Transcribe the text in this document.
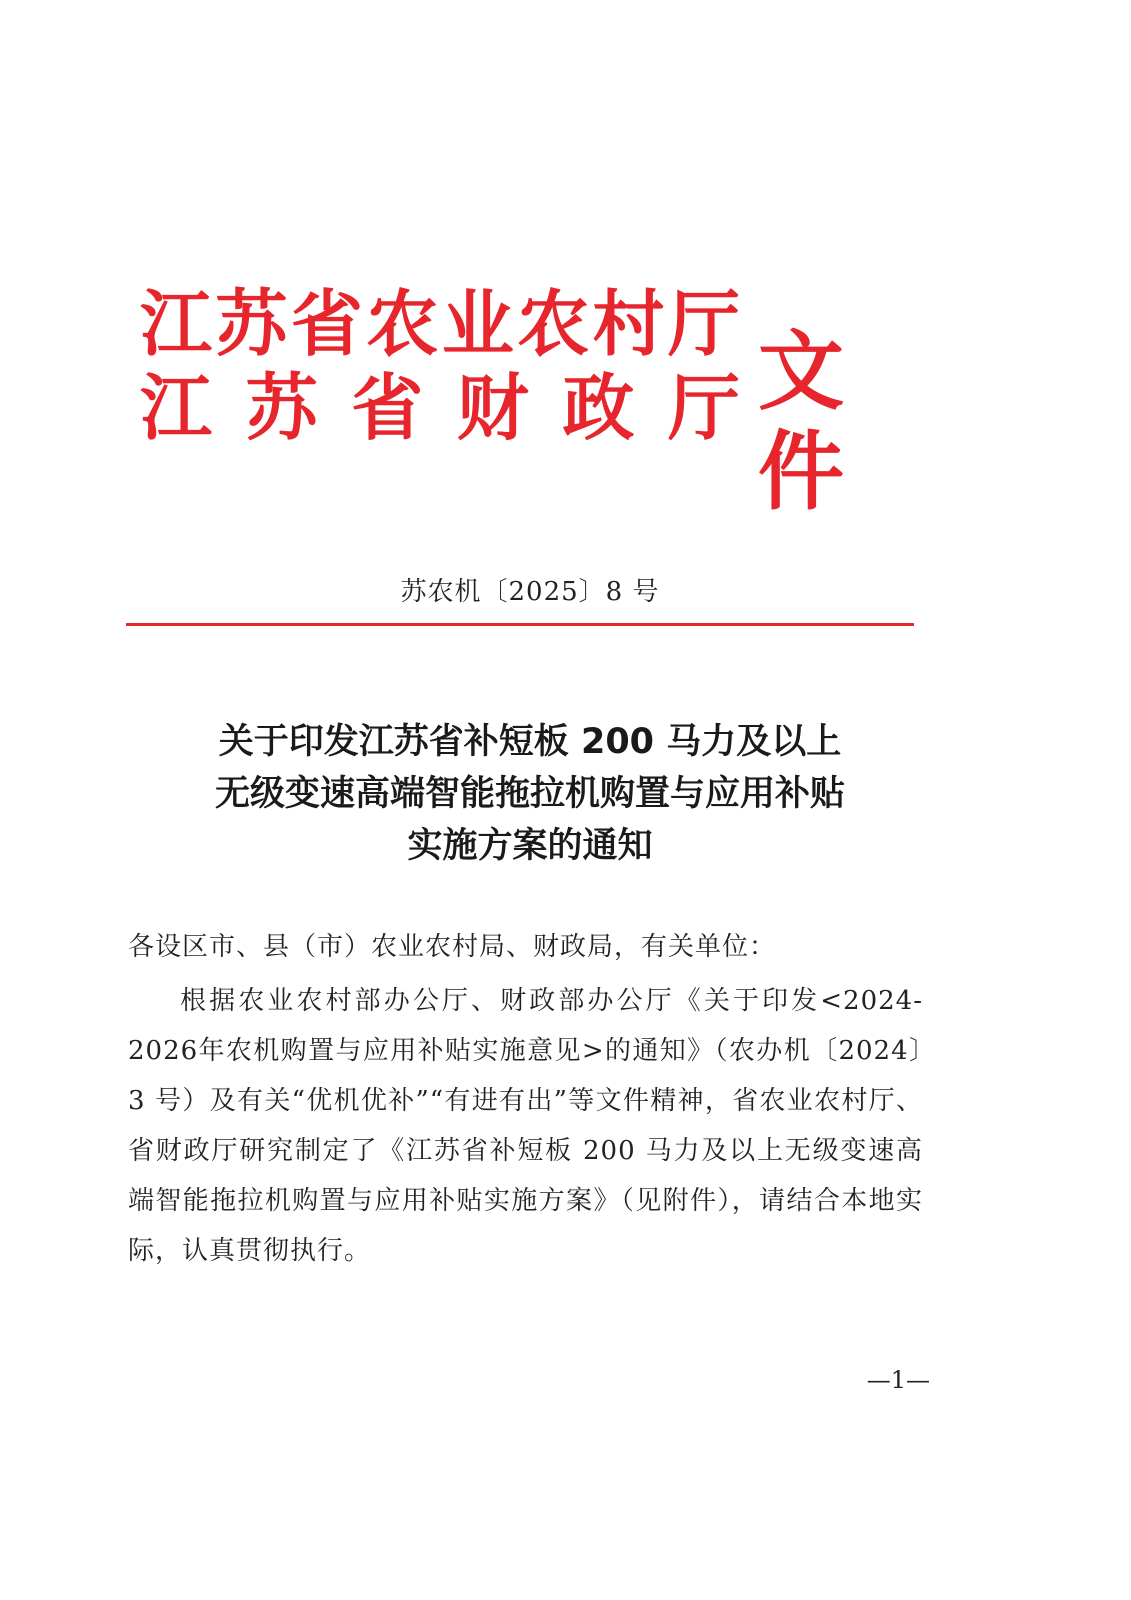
江 苏 省 农 业 农 村 厅
江 苏 省 财 政 厅 文件
苏农机〔2025〕8 号
关于印发江苏省补短板 200 马力及以上
无级变速高端智能拖拉机购置与应用补贴
实施方案的通知
各设区市、县（市）农业农村局、财政局，有关单位：

根据农业农村部办公厅、财政部办公厅《关于印发<2024-2026年农机购置与应用补贴实施意见>的通知》（农办机〔2024〕3 号）及有关“优机优补”“有进有出”等文件精神，省农业农村厅、省财政厅研究制定了《江苏省补短板 200 马力及以上无级变速高端智能拖拉机购置与应用补贴实施方案》（见附件），请结合本地实际，认真贯彻执行。

—1—
